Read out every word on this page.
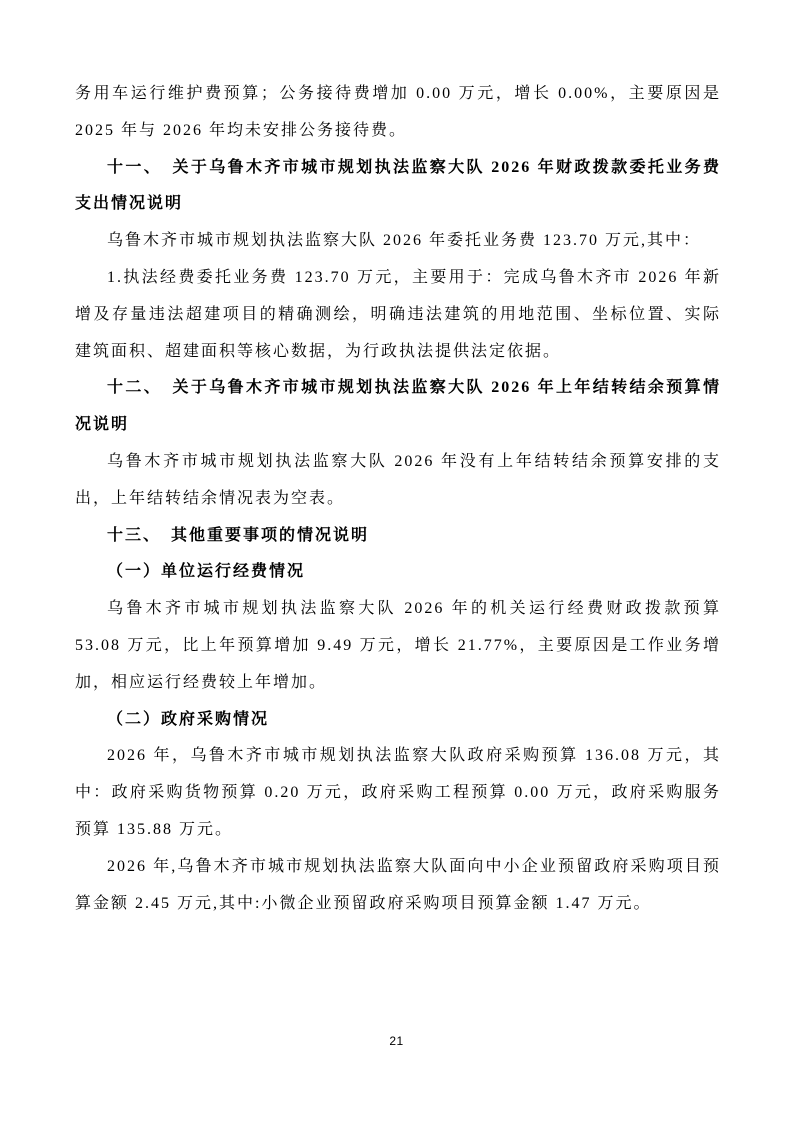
务用车运行维护费预算；公务接待费增加 0.00 万元，增长 0.00%，主要原因是 2025 年与 2026 年均未安排公务接待费。

十一、　关于乌鲁木齐市城市规划执法监察大队 2026 年财政拨款委托业务费支出情况说明

乌鲁木齐市城市规划执法监察大队 2026 年委托业务费 123.70 万元,其中：

1.执法经费委托业务费 123.70 万元，主要用于：完成乌鲁木齐市 2026 年新增及存量违法超建项目的精确测绘，明确违法建筑的用地范围、坐标位置、实际建筑面积、超建面积等核心数据，为行政执法提供法定依据。

十二、　关于乌鲁木齐市城市规划执法监察大队 2026 年上年结转结余预算情况说明

乌鲁木齐市城市规划执法监察大队 2026 年没有上年结转结余预算安排的支出，上年结转结余情况表为空表。

十三、　其他重要事项的情况说明

（一）单位运行经费情况

乌鲁木齐市城市规划执法监察大队 2026 年的机关运行经费财政拨款预算 53.08 万元，比上年预算增加 9.49 万元，增长 21.77%，主要原因是工作业务增加，相应运行经费较上年增加。

（二）政府采购情况

2026 年，乌鲁木齐市城市规划执法监察大队政府采购预算 136.08 万元，其中：政府采购货物预算 0.20 万元，政府采购工程预算 0.00 万元，政府采购服务预算 135.88 万元。

2026 年,乌鲁木齐市城市规划执法监察大队面向中小企业预留政府采购项目预算金额 2.45 万元,其中:小微企业预留政府采购项目预算金额 1.47 万元。

21
